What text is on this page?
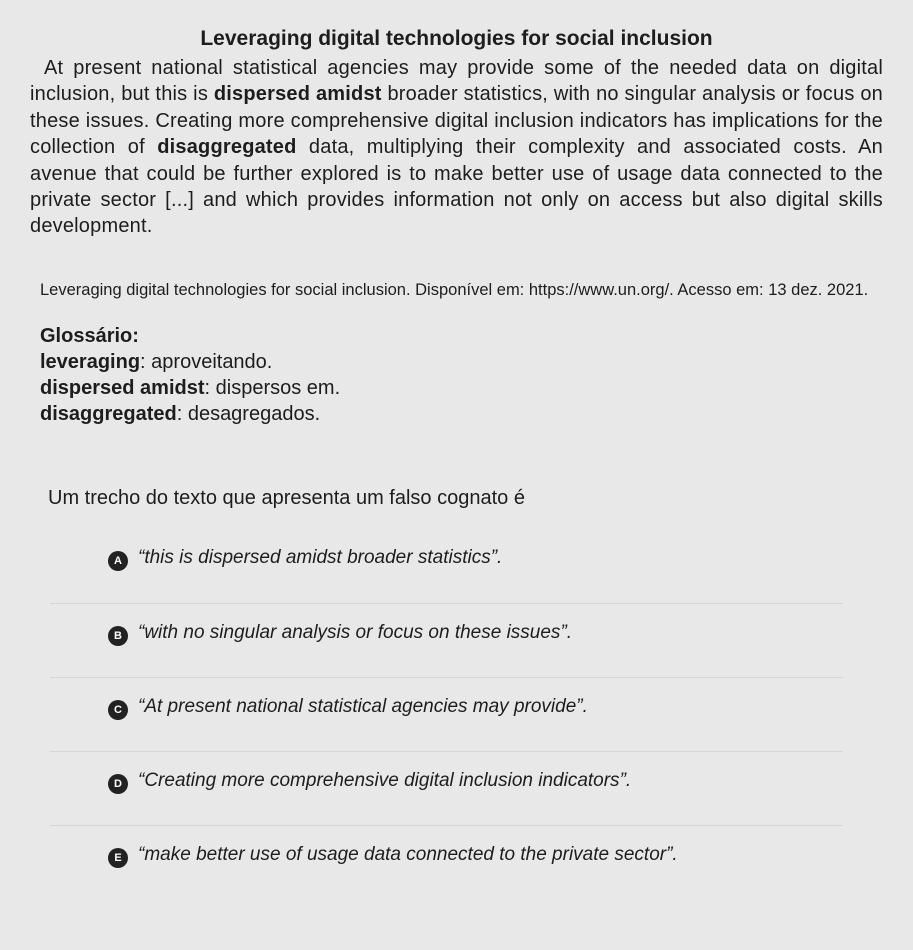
Leveraging digital technologies for social inclusion

At present national statistical agencies may provide some of the needed data on digital inclusion, but this is dispersed amidst broader statistics, with no singular analysis or focus on these issues. Creating more comprehensive digital inclusion indicators has implications for the collection of disaggregated data, multiplying their complexity and associated costs. An avenue that could be further explored is to make better use of usage data connected to the private sector [...] and which provides information not only on access but also digital skills development.

Leveraging digital technologies for social inclusion. Disponível em: https://www.un.org/. Acesso em: 13 dez. 2021.
Glossário:
leveraging: aproveitando.
dispersed amidst: dispersos em.
disaggregated: desagregados.
Um trecho do texto que apresenta um falso cognato é
A	“ this is dispersed amidst broader statistics ”.
B	“ with no singular analysis or focus on these issues ”.
C	“ At present national statistical agencies may provide ”.
D	“ Creating more comprehensive digital inclusion indicators ”.
E	“ make better use of usage data connected to the private sector ”.
